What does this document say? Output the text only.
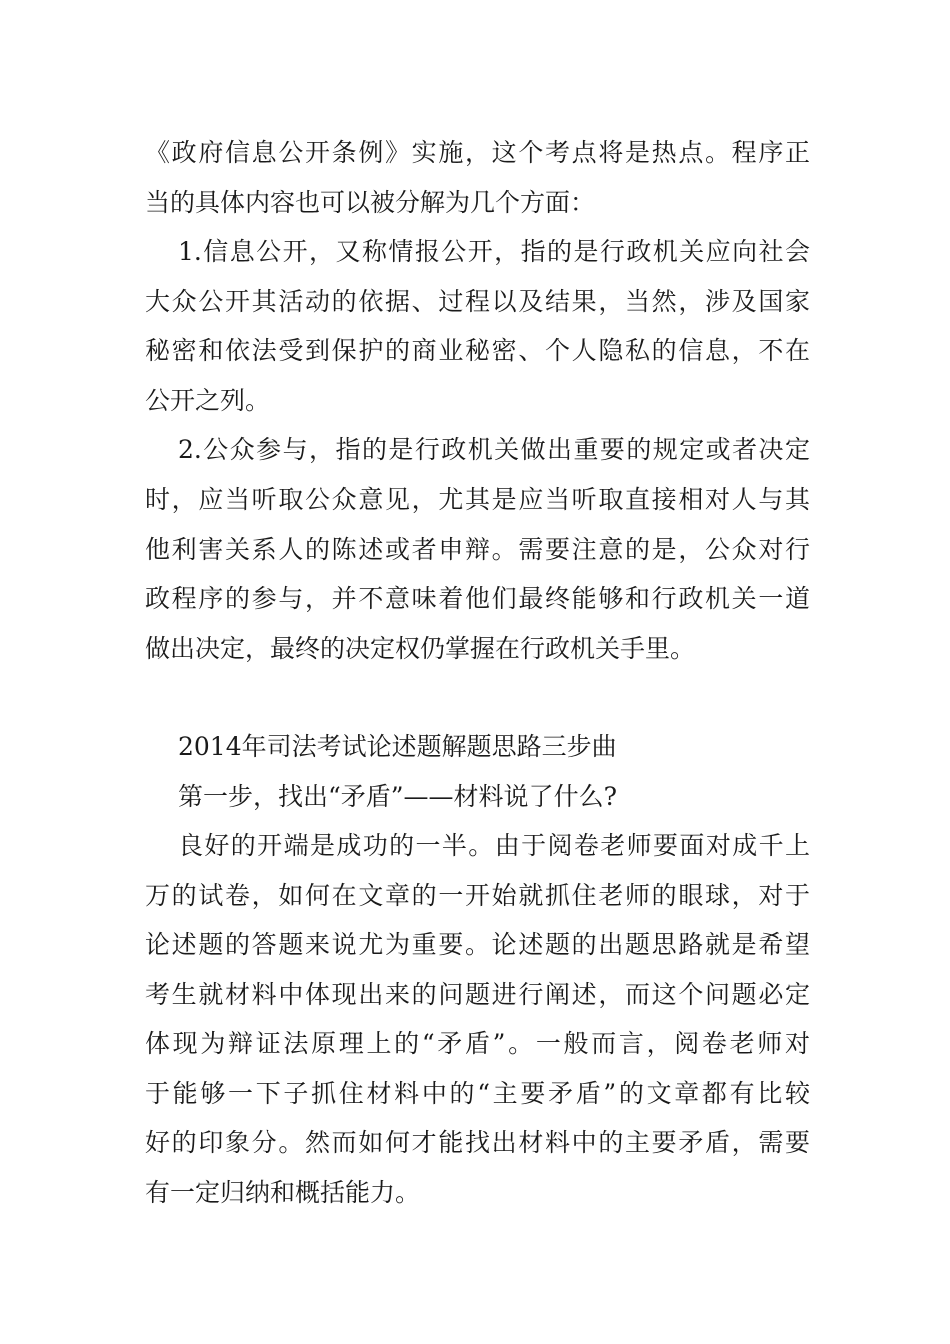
《政府信息公开条例》实施，这个考点将是热点。程序正
当的具体内容也可以被分解为几个方面：
1.信息公开，又称情报公开，指的是行政机关应向社会
大众公开其活动的依据、过程以及结果，当然，涉及国家
秘密和依法受到保护的商业秘密、个人隐私的信息，不在
公开之列。
2.公众参与，指的是行政机关做出重要的规定或者决定
时，应当听取公众意见，尤其是应当听取直接相对人与其
他利害关系人的陈述或者申辩。需要注意的是，公众对行
政程序的参与，并不意味着他们最终能够和行政机关一道
做出决定，最终的决定权仍掌握在行政机关手里。
2014年司法考试论述题解题思路三步曲
第一步，找出“矛盾”——材料说了什么?
良好的开端是成功的一半。由于阅卷老师要面对成千上
万的试卷，如何在文章的一开始就抓住老师的眼球，对于
论述题的答题来说尤为重要。论述题的出题思路就是希望
考生就材料中体现出来的问题进行阐述，而这个问题必定
体现为辩证法原理上的“矛盾”。一般而言，阅卷老师对
于能够一下子抓住材料中的“主要矛盾”的文章都有比较
好的印象分。然而如何才能找出材料中的主要矛盾，需要
有一定归纳和概括能力。
